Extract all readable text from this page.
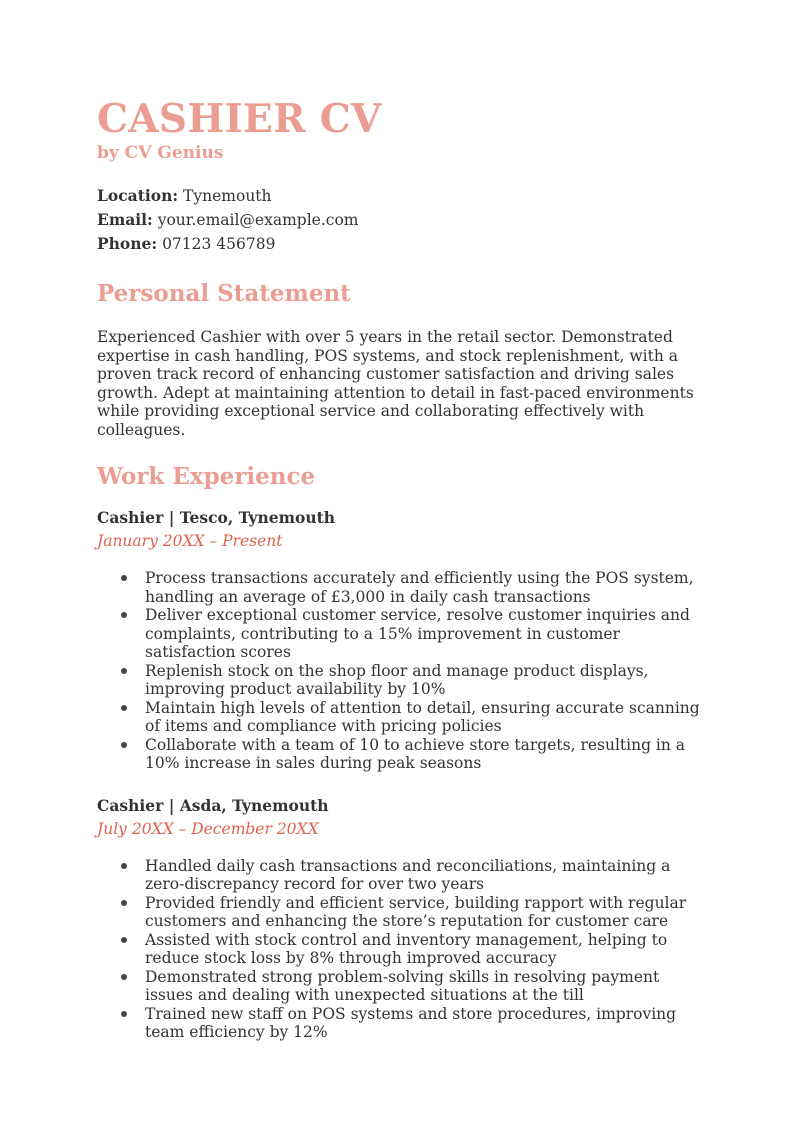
CASHIER CV
by CV Genius
Location: Tynemouth
Email: your.email@example.com
Phone: 07123 456789
Personal Statement

Experienced Cashier with over 5 years in the retail sector. Demonstrated expertise in cash handling, POS systems, and stock replenishment, with a proven track record of enhancing customer satisfaction and driving sales growth. Adept at maintaining attention to detail in fast-paced environments while providing exceptional service and collaborating effectively with colleagues.

Work Experience
Cashier | Tesco, Tynemouth
January 20XX – Present
Process transactions accurately and efficiently using the POS system, handling an average of £3,000 in daily cash transactions
Deliver exceptional customer service, resolve customer inquiries and complaints, contributing to a 15% improvement in customer satisfaction scores
Replenish stock on the shop floor and manage product displays, improving product availability by 10%
Maintain high levels of attention to detail, ensuring accurate scanning of items and compliance with pricing policies
Collaborate with a team of 10 to achieve store targets, resulting in a 10% increase in sales during peak seasons
Cashier | Asda, Tynemouth
July 20XX – December 20XX
Handled daily cash transactions and reconciliations, maintaining a zero-discrepancy record for over two years
Provided friendly and efficient service, building rapport with regular customers and enhancing the store’s reputation for customer care
Assisted with stock control and inventory management, helping to reduce stock loss by 8% through improved accuracy
Demonstrated strong problem-solving skills in resolving payment issues and dealing with unexpected situations at the till
Trained new staff on POS systems and store procedures, improving team efficiency by 12%
